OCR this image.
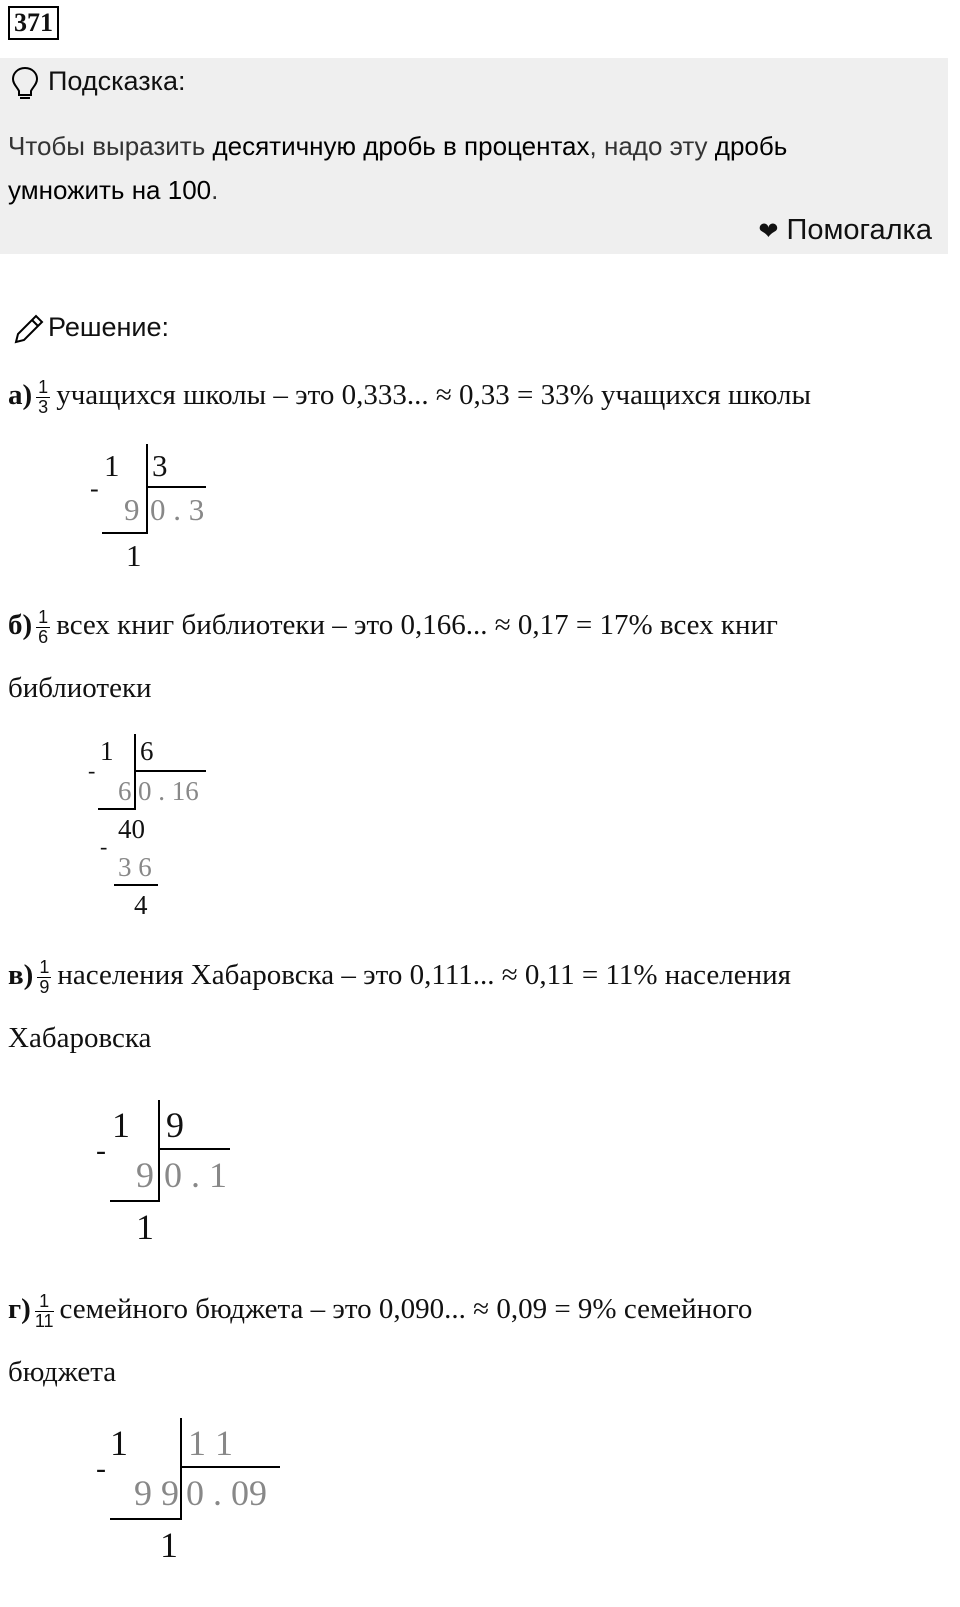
371
Подсказка:
Чтобы выразить десятичную дробь в процентах, надо эту дробь
умножить на 100.
❤ Помогалка
Решение:
$а) \frac{1}{3}$ учащихся школы – это 0,333... ≈ 0,33 = 33% учащихся школы
1 3
-
9 0 . 3
1
$б) \frac{1}{6}$ всех книг библиотеки – это 0,166... ≈ 0,17 = 17% всех книг
библиотеки
1 6
-
6 0 . 16
40
-
3 6
4
$в) \frac{1}{9}$ населения Хабаровска – это 0,111... ≈ 0,11 = 11% населения
Хабаровска
1 9
-
9 0 . 1
1
$г) \frac{1}{11}$ семейного бюджета – это 0,090... ≈ 0,09 = 9% семейного
бюджета
1 1 1
-
9 9 0 . 09
1
